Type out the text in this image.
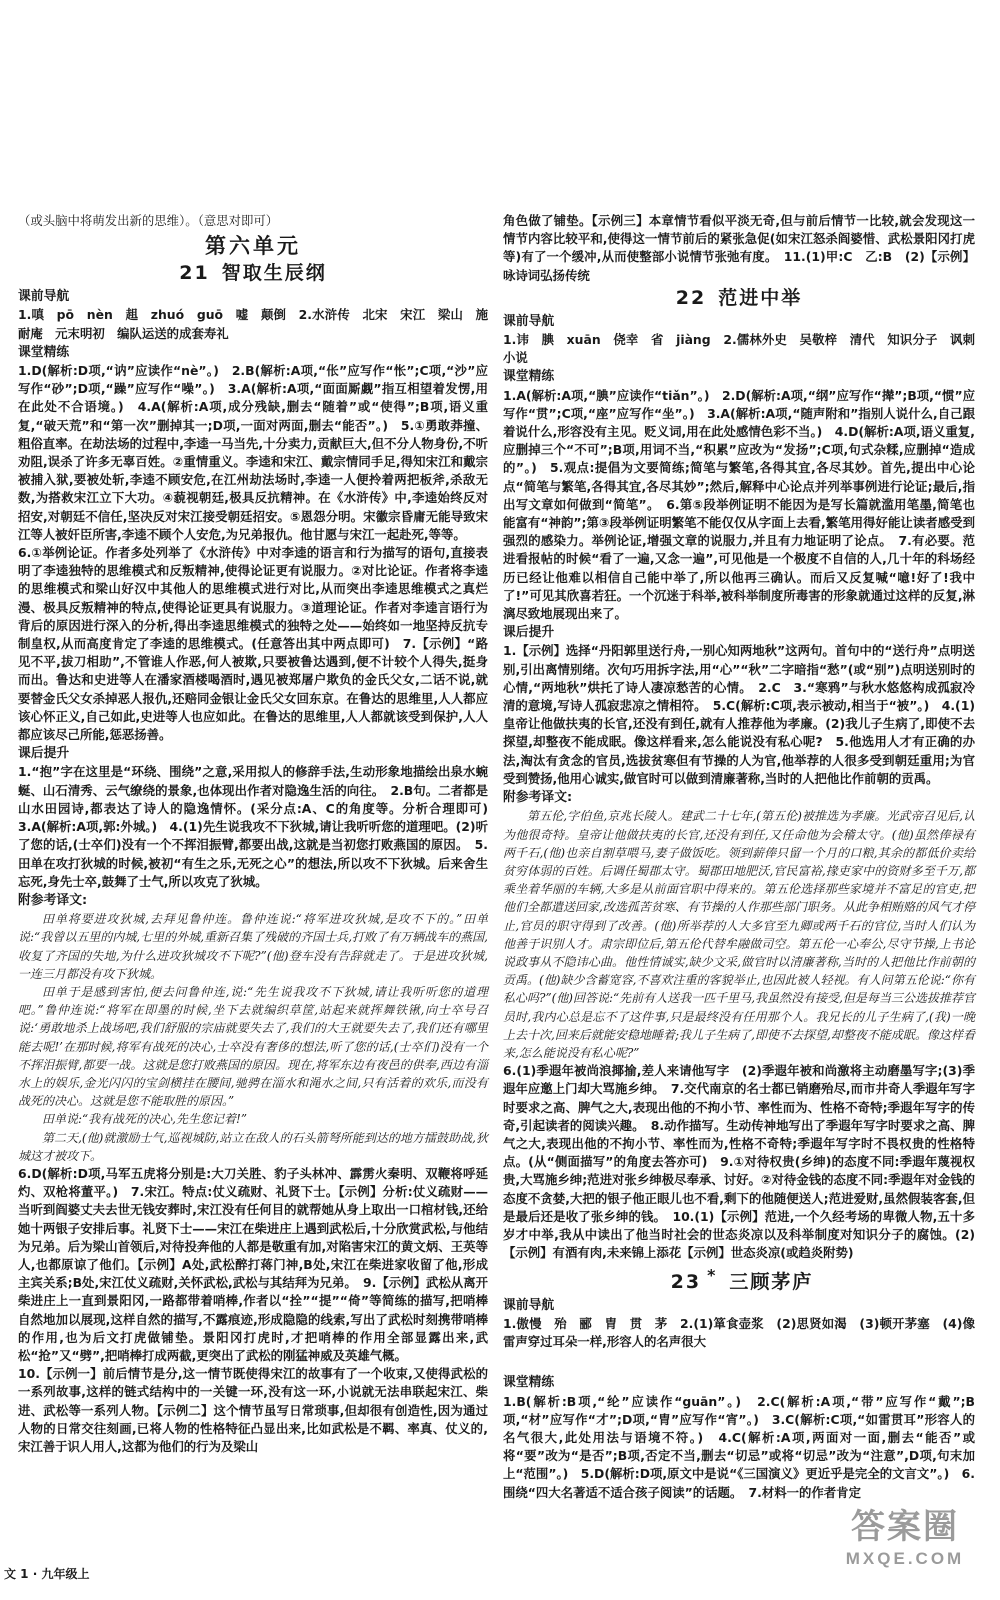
（或头脑中将萌发出新的思维）。（意思对即可）

第六单元
21 智取生辰纲
课前导航

1.嗔　pō　nèn　趄　zhuó　guō　嘘　颠倒　2.水浒传　北宋　宋江　梁山　施耐庵　元末明初　编队运送的成套寿礼

课堂精练

1.D(解析:D项,“讷”应读作“nè”。)　2.B(解析:A项,“伥”应写作“怅”;C项,“沙”应写作“砂”;D项,“躁”应写作“噪”。)　3.A(解析:A项,“面面厮觑”指互相望着发愣,用在此处不合语境。)　4.A(解析:A项,成分残缺,删去“随着”或“使得”;B项,语义重复,“破天荒”和“第一次”删掉其一;D项,一面对两面,删去“能否”。)　5.①勇敢莽撞、粗俗直率。在劫法场的过程中,李逵一马当先,十分卖力,贡献巨大,但不分人物身份,不听劝阻,误杀了许多无辜百姓。②重情重义。李逵和宋江、戴宗情同手足,得知宋江和戴宗被捕入狱,要被处斩,李逵不顾安危,在江州劫法场时,李逵一人便拎着两把板斧,杀敌无数,为搭救宋江立下大功。④藐视朝廷,极具反抗精神。在《水浒传》中,李逵始终反对招安,对朝廷不信任,坚决反对宋江接受朝廷招安。⑤恩怨分明。宋徽宗昏庸无能导致宋江等人被奸臣所害,李逵不顾个人安危,为兄弟报仇。他甘愿与宋江一起赴死,等等。

6.①举例论证。作者多处列举了《水浒传》中对李逵的语言和行为描写的语句,直接表明了李逵独特的思维模式和反叛精神,使得论证更有说服力。②对比论证。作者将李逵的思维模式和梁山好汉中其他人的思维模式进行对比,从而突出李逵思维模式之真烂漫、极具反叛精神的特点,使得论证更具有说服力。③道理论证。作者对李逵言语行为背后的原因进行深入的分析,得出李逵思维模式的独特之处——始终如一地坚持反抗专制皇权,从而高度肯定了李逵的思维模式。(任意答出其中两点即可)　7.【示例】“路见不平,拔刀相助”,不管谁人作恶,何人被欺,只要被鲁达遇到,便不计较个人得失,挺身而出。鲁达和史进等人在潘家酒楼喝酒时,遇见被郑屠户欺负的金氏父女,二话不说,就要替金氏父女杀掉恶人报仇,还赔同金银让金氏父女回东京。在鲁达的思维里,人人都应该心怀正义,自己如此,史进等人也应如此。在鲁达的思维里,人人都就该受到保护,人人都应该尽己所能,惩恶扬善。

课后提升

1.“抱”字在这里是“环绕、围绕”之意,采用拟人的修辞手法,生动形象地描绘出泉水蜿蜒、山石清秀、云气缭绕的景象,也体现出作者对隐逸生活的向往。　2.B句。二者都是山水田园诗,都表达了诗人的隐逸情怀。(采分点:A、C的角度等。分析合理即可)　3.A(解析:A项,郭:外城。)　4.(1)先生说我攻不下狄城,请让我听听您的道理吧。(2)听了您的话,(士卒们)没有一个不挥泪振臂,都要出战,这就是当初您打败燕国的原因。　5.田单在攻打狄城的时候,被初“有生之乐,无死之心”的想法,所以攻不下狄城。后来舍生忘死,身先士卒,鼓舞了士气,所以攻克了狄城。

附参考译文:

田单将要进攻狄城,去拜见鲁仲连。鲁仲连说:“将军进攻狄城,是攻不下的。”田单说:“我曾以五里的内城,七里的外城,重新召集了残破的齐国士兵,打败了有万辆战车的燕国,收复了齐国的失地,为什么进攻狄城攻不下呢?”(他)登车没有告辞就走了。于是进攻狄城,一连三月都没有攻下狄城。

田单于是感到害怕,便去问鲁仲连,说:“先生说我攻不下狄城,请让我听听您的道理吧。”鲁仲连说:“将军在即墨的时候,坐下去就编织草筐,站起来就挥舞铁锹,向士卒号召说:‘勇敢地杀上战场吧,我们舒服的宗庙就要失去了,我们的大王就要失去了,我们还有哪里能去呢!’在那时候,将军有战死的决心,士卒没有奢侈的想法,听了您的话,(士卒们)没有一个不挥泪振臂,都要一战。这就是您打败燕国的原因。现在,将军东边有夜邑的供奉,西边有淄水上的娱乐,金光闪闪的宝剑横挂在腰间,驰骋在淄水和渑水之间,只有活着的欢乐,而没有战死的决心。这就是您不能取胜的原因。”

田单说:“我有战死的决心,先生您记着!”

第二天,(他)就激励士气,巡视城防,站立在敌人的石头箭弩所能到达的地方擂鼓助战,狄城这才被攻下。

6.D(解析:D项,马军五虎将分别是:大刀关胜、豹子头林冲、霹雳火秦明、双鞭将呼延灼、双枪将董平。)　7.宋江。特点:仗义疏财、礼贤下士。【示例】分析:仗义疏财——当听到阎婆丈夫去世无钱安葬时,宋江没有任何目的就帮她从身上取出一口棺材钱,还给她十两银子安排后事。礼贤下士——宋江在柴进庄上遇到武松后,十分欣赏武松,与他结为兄弟。后为梁山首领后,对待投奔他的人都是敬重有加,对陷害宋江的黄文炳、王英等人,也都原谅了他们。【示例】A处,武松醉打蒋门神,B处,宋江在柴进家收留了他,形成主宾关系;B处,宋江仗义疏财,关怀武松,武松与其结拜为兄弟。　9.【示例】武松从离开柴进庄上一直到景阳冈,一路都带着哨棒,作者以“拴”“提”“倚”等简练的描写,把哨棒自然地加以展现,这样自然的描写,不露痕迹,形成隐隐的线索,写出了武松时刻携带哨棒的作用,也为后文打虎做铺垫。景阳冈打虎时,才把哨棒的作用全部显露出来,武松“抢”又“劈”,把哨棒打成两截,更突出了武松的刚猛神威及英雄气概。

10.【示例一】前后情节是分,这一情节既使得宋江的故事有了一个收束,又使得武松的一系列故事,这样的链式结构中的一关键一环,没有这一环,小说就无法串联起宋江、柴进、武松等一系列人物。【示例二】这个情节虽写日常琐事,但却很有创造性,因为通过人物的日常交往刻画,已将人物的性格特征凸显出来,比如武松是不羁、率真、仗义的,宋江善于识人用人,这都为他们的行为及梁山

角色做了铺垫。【示例三】本章情节看似平淡无奇,但与前后情节一比较,就会发现这一情节内容比较平和,使得这一情节前后的紧张急促(如宋江怒杀阎婆惜、武松景阳冈打虎等)有了一个缓冲,从而使整部小说情节张弛有度。　11.(1)甲:C　乙:B　(2)【示例】咏诗词弘扬传统

22 范进中举
课前导航

1.讳　腆　xuān　侥幸　省　jiàng　2.儒林外史　吴敬梓　清代　知识分子　讽刺小说

课堂精练

1.A(解析:A项,“腆”应读作“tiǎn”。)　2.D(解析:A项,“纲”应写作“撵”;B项,“惯”应写作“贯”;C项,“座”应写作“坐”。)　3.A(解析:A项,“随声附和”指别人说什么,自己跟着说什么,形容没有主见。贬义词,用在此处感情色彩不当。)　4.D(解析:A项,语义重复,应删掉三个“不可”;B项,用词不当,“积累”应改为“发扬”;C项,句式杂糅,应删掉“造成的”。)　5.观点:提倡为文要简练;简笔与繁笔,各得其宜,各尽其妙。首先,提出中心论点“简笔与繁笔,各得其宜,各尽其妙”;然后,解释中心论点并列举事例进行论证;最后,指出写文章如何做到“简笔”。　6.第⑤段举例证明不能因为是写长篇就滥用笔墨,简笔也能富有“神韵”;第③段举例证明繁笔不能仅仅从字面上去看,繁笔用得好能让读者感受到强烈的感染力。举例论证,增强文章的说服力,并且有力地证明了论点。　7.有必要。范进看报帖的时候“看了一遍,又念一遍”,可见他是一个极度不自信的人,几十年的科场经历已经让他难以相信自己能中举了,所以他再三确认。而后又反复喊“噫!好了!我中了!”可见其欣喜若狂。一个沉迷于科举,被科举制度所毒害的形象就通过这样的反复,淋漓尽致地展现出来了。

课后提升

1.【示例】选择“丹阳郭里送行舟,一别心知两地秋”这两句。首句中的“送行舟”点明送别,引出离情别绪。次句巧用拆字法,用“心”“秋”二字暗指“愁”(或“别”)点明送别时的心情,“两地秋”烘托了诗人凄凉愁苦的心情。　2.C　3.“寒鸦”与秋水悠悠构成孤寂冷清的意境,写诗人孤寂悲凉之情相符。　5.C(解析:C项,表示被动,相当于“被”。)　4.(1)皇帝让他做扶夷的长官,还没有到任,就有人推荐他为孝廉。(2)我儿子生病了,即使不去探望,却整夜不能成眠。像这样看来,怎么能说没有私心呢?　5.他选用人才有正确的办法,淘汰有贪念的官员,选拔贫寒但有节操的人为官,他举荐的人很多受到朝廷重用;为官受到赞扬,他用心诚实,做官时可以做到清廉著称,当时的人把他比作前朝的贡禹。

附参考译文:

第五伦,字伯鱼,京兆长陵人。建武二十七年,(第五伦)被推选为孝廉。光武帝召见后,认为他很奇特。皇帝让他做扶夷的长官,还没有到任,又任命他为会稽太守。(他)虽然俸禄有两千石,(他)也亲自割草喂马,妻子做饭吃。领到薪俸只留一个月的口粮,其余的都低价卖给贫穷体弱的百姓。后调任蜀郡太守。蜀郡田地肥沃,官民富裕,掾吏家中的资财多至千万,都乘坐着华丽的车辆,大多是从前面官职中得来的。第五伦选择那些家境并不富足的官吏,把他们全都遣送回家,改选孤苦贫寒、有节操的人作那些部门职务。从此争相贿赂的风气才停止,官员的职守得到了改善。(他)所举荐的人大多官至九卿或两千石的官位,当时人们认为他善于识别人才。肃宗即位后,第五伦代替牟融做司空。第五伦一心奉公,尽守节操,上书论说政事从不隐讳心曲。他性情诚实,缺少文采,做官时以清廉著称,当时的人把他比作前朝的贡禹。(他)缺少含蓄宽容,不喜欢注重的客貌举止,也因此被人轻视。有人问第五伦说:“你有私心吗?”(他)回答说:“先前有人送我一匹千里马,我虽然没有接受,但是每当三公选拔推荐官员时,我内心总是忘不了这件事,只是最终没有任用那个人。我兄长的儿子生病了,(我)一晚上去十次,回来后就能安稳地睡着;我儿子生病了,即使不去探望,却整夜不能成眠。像这样看来,怎么能说没有私心呢?”

6.(1)季遐年被尚浪揶揄,差人来请他写字　(2)季遐年被和尚激将主动磨墨写字;(3)季遐年应邀上门却大骂施乡绅。　7.交代南京的名士都已销磨殆尽,而市井奇人季遐年写字时要求之高、脾气之大,表现出他的不拘小节、率性而为、性格不奇特;季遐年写字的传奇,引起读者的阅读兴趣。　8.动作描写。生动传神地写出了季遐年写字时要求之高、脾气之大,表现出他的不拘小节、率性而为,性格不奇特;季遐年写字时不畏权贵的性格特点。(从“侧面描写”的角度去答亦可)　9.①对待权贵(乡绅)的态度不同:季遐年蔑视权贵,大骂施乡绅;范进对张乡绅极尽奉承、讨好。②对待金钱的态度不同:季遐年对金钱的态度不贪婪,大把的银子他正眼儿也不看,剩下的他随便送人;范进爱财,虽然假装客套,但是最后还是收了张乡绅的钱。　10.(1)【示例】范进,一个久经考场的卑微人物,五十多岁才中举,我从中读出了他当时社会的世态炎凉以及科举制度对知识分子的腐蚀。(2)【示例】有酒有肉,未来锦上添花【示例】世态炎凉(或趋炎附势)

23 * 三顾茅庐
课前导航

1.傲慢　殆　郦　胄　贯　茅　2.(1)箪食壶浆　(2)思贤如渴　(3)顿开茅塞　(4)像雷声穿过耳朵一样,形容人的名声很大

课堂精练

1.B(解析:B项,“纶”应读作“guān”。)　2.C(解析:A项,“带”应写作“戴”;B项,“材”应写作“才”;D项,“胄”应写作“宵”。)　3.C(解析:C项,“如雷贯耳”形容人的名气很大,此处用法与语境不符。)　4.C(解析:A项,两面对一面,删去“能否”或将“要”改为“是否”;B项,否定不当,删去“切忌”或将“切忌”改为“注意”,D项,句末加上“范围”。)　5.D(解析:D项,原文中是说“《三国演义》更近乎是完全的文言文”。)　6.围绕“四大名著适不适合孩子阅读”的话题。　7.材料一的作者肯定

文 1 · 九年级上
答案圈
MXQE.COM
